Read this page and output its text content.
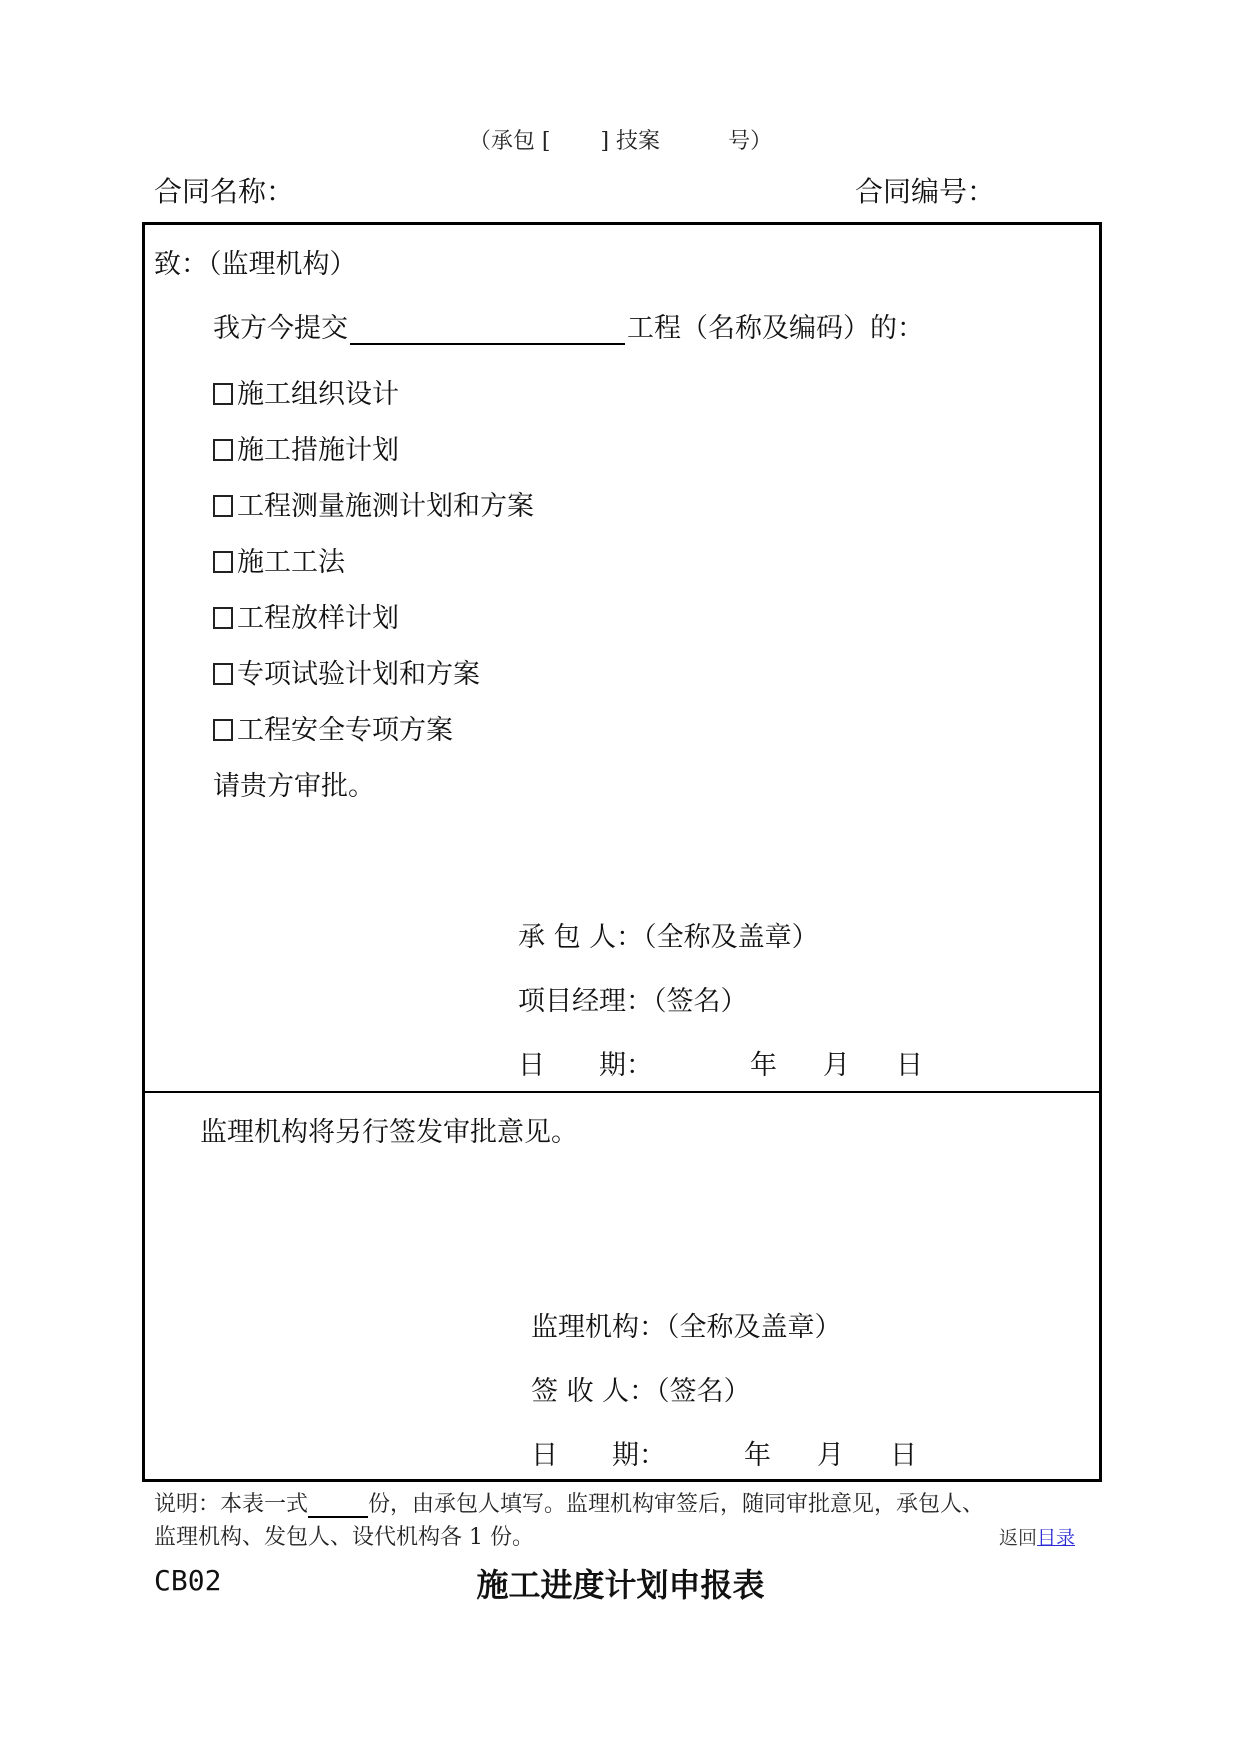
（承包 [ ] 技案	号）
合同名称：	合同编号：
致：（监理机构）
我方今提交	工程（名称及编码）的：
施工组织设计
施工措施计划
工程测量施测计划和方案
施工工法
工程放样计划
专项试验计划和方案
工程安全专项方案
请贵方审批。
承 包 人：（全称及盖章）
项目经理：（签名）
日　　期：	年 月 日
监理机构将另行签发审批意见。
监理机构：（全称及盖章）
签 收 人：（签名）
日　　期：	年 月 日
说明：本表一式	份，由承包人填写。监理机构审签后，随同审批意见，承包人、
监理机构、发包人、设代机构各 1 份。	返回目录
CB02	施工进度计划申报表
